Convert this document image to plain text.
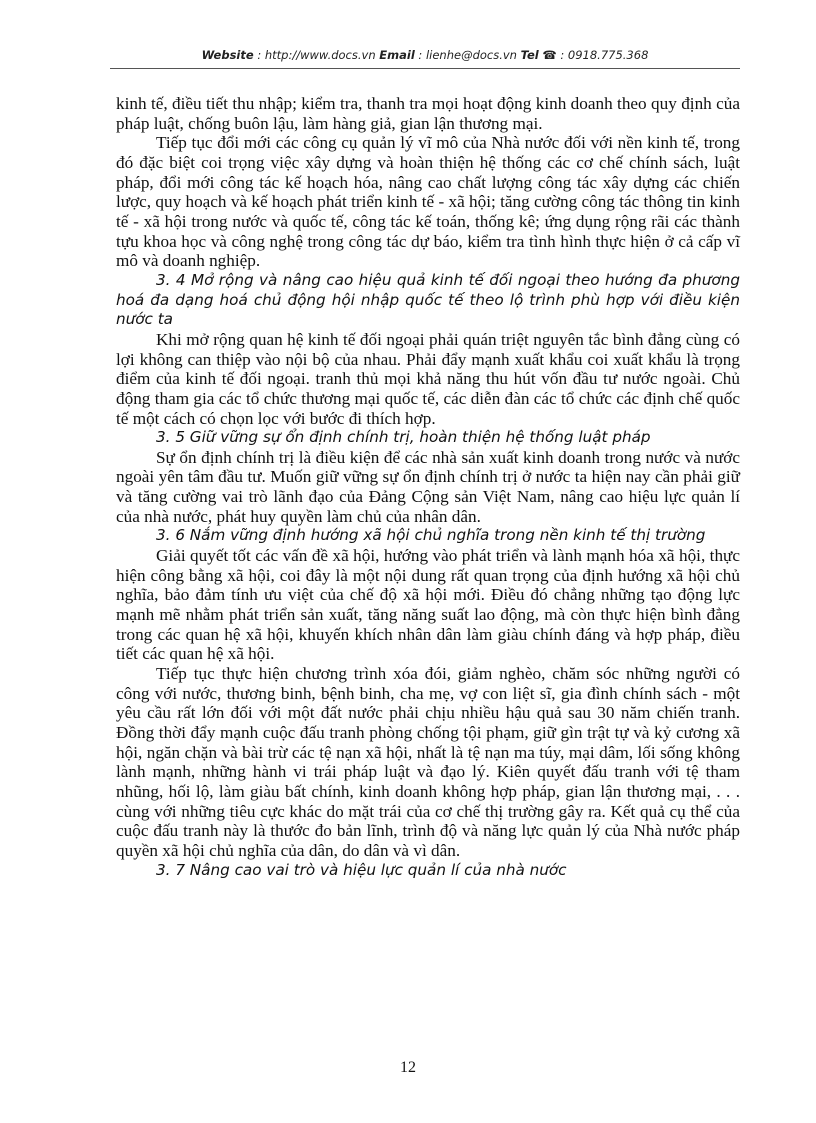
Website : http://www.docs.vn Email : lienhe@docs.vn Tel ☎ : 0918.775.368

kinh tế, điều tiết thu nhập; kiểm tra, thanh tra mọi hoạt động kinh doanh theo quy định của pháp luật, chống buôn lậu, làm hàng giả, gian lận thương mại.

Tiếp tục đổi mới các công cụ quản lý vĩ mô của Nhà nước đối với nền kinh tế, trong đó đặc biệt coi trọng việc xây dựng và hoàn thiện hệ thống các cơ chế chính sách, luật pháp, đổi mới công tác kế hoạch hóa, nâng cao chất lượng công tác xây dựng các chiến lược, quy hoạch và kế hoạch phát triển kinh tế - xã hội; tăng cường công tác thông tin kinh tế - xã hội trong nước và quốc tế, công tác kế toán, thống kê; ứng dụng rộng rãi các thành tựu khoa học và công nghệ trong công tác dự báo, kiểm tra tình hình thực hiện ở cả cấp vĩ mô và doanh nghiệp.

3. 4 Mở rộng và nâng cao hiệu quả kinh tế đối ngoại theo hướng đa phương hoá đa dạng hoá chủ động hội nhập quốc tế theo lộ trình phù hợp với điều kiện nước ta

Khi mở rộng quan hệ kinh tế đối ngoại phải quán triệt nguyên tắc bình đẳng cùng có lợi không can thiệp vào nội bộ của nhau. Phải đẩy mạnh xuất khẩu coi xuất khẩu là trọng điểm của kinh tế đối ngoại. tranh thủ mọi khả năng thu hút vốn đầu tư nước ngoài. Chủ động tham gia các tổ chức thương mại quốc tế, các diễn đàn các tổ chức các định chế quốc tế một cách có chọn lọc với bước đi thích hợp.

3. 5 Giữ vững sự ổn định chính trị, hoàn thiện hệ thống luật pháp

Sự ổn định chính trị là điều kiện để các nhà sản xuất kinh doanh trong nước và nước ngoài yên tâm đầu tư. Muốn giữ vững sự ổn định chính trị ở nước ta hiện nay cần phải giữ và tăng cường vai trò lãnh đạo của Đảng Cộng sản Việt Nam, nâng cao hiệu lực quản lí của nhà nước, phát huy quyền làm chủ của nhân dân.

3. 6 Nắm vững định hướng xã hội chủ nghĩa trong nền kinh tế thị trường

Giải quyết tốt các vấn đề xã hội, hướng vào phát triển và lành mạnh hóa xã hội, thực hiện công bằng xã hội, coi đây là một nội dung rất quan trọng của định hướng xã hội chủ nghĩa, bảo đảm tính ưu việt của chế độ xã hội mới. Điều đó chẳng những tạo động lực mạnh mẽ nhằm phát triển sản xuất, tăng năng suất lao động, mà còn thực hiện bình đẳng trong các quan hệ xã hội, khuyến khích nhân dân làm giàu chính đáng và hợp pháp, điều tiết các quan hệ xã hội.

Tiếp tục thực hiện chương trình xóa đói, giảm nghèo, chăm sóc những người có công với nước, thương binh, bệnh binh, cha mẹ, vợ con liệt sĩ, gia đình chính sách - một yêu cầu rất lớn đối với một đất nước phải chịu nhiều hậu quả sau 30 năm chiến tranh. Đồng thời đẩy mạnh cuộc đấu tranh phòng chống tội phạm, giữ gìn trật tự và kỷ cương xã hội, ngăn chặn và bài trừ các tệ nạn xã hội, nhất là tệ nạn ma túy, mại dâm, lối sống không lành mạnh, những hành vi trái pháp luật và đạo lý. Kiên quyết đấu tranh với tệ tham nhũng, hối lộ, làm giàu bất chính, kinh doanh không hợp pháp, gian lận thương mại, . . . cùng với những tiêu cực khác do mặt trái của cơ chế thị trường gây ra. Kết quả cụ thể của cuộc đấu tranh này là thước đo bản lĩnh, trình độ và năng lực quản lý của Nhà nước pháp quyền xã hội chủ nghĩa của dân, do dân và vì dân.

3. 7 Nâng cao vai trò và hiệu lực quản lí của nhà nước

12
